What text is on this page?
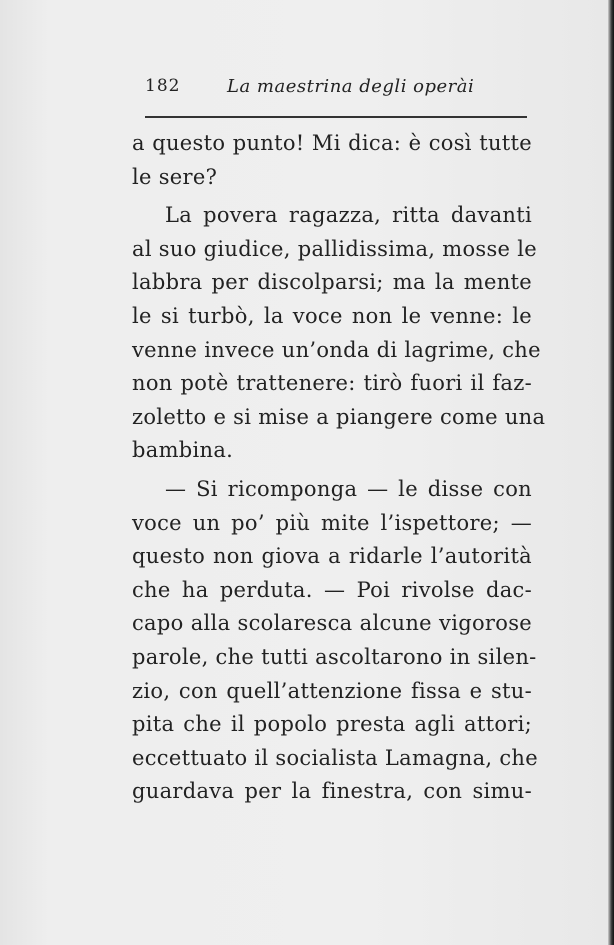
182	La maestrina degli operài
a questo punto! Mi dica: è così tutte
le sere?
La povera ragazza, ritta davanti
al suo giudice, pallidissima, mosse le
labbra per discolparsi; ma la mente
le si turbò, la voce non le venne: le
venne invece un’onda di lagrime, che
non potè trattenere: tirò fuori il faz-
zoletto e si mise a piangere come una
bambina.
— Si ricomponga — le disse con
voce un po’ più mite l’ispettore; —
questo non giova a ridarle l’autorità
che ha perduta. — Poi rivolse dac-
capo alla scolaresca alcune vigorose
parole, che tutti ascoltarono in silen-
zio, con quell’attenzione fissa e stu-
pita che il popolo presta agli attori;
eccettuato il socialista Lamagna, che
guardava per la finestra, con simu-
